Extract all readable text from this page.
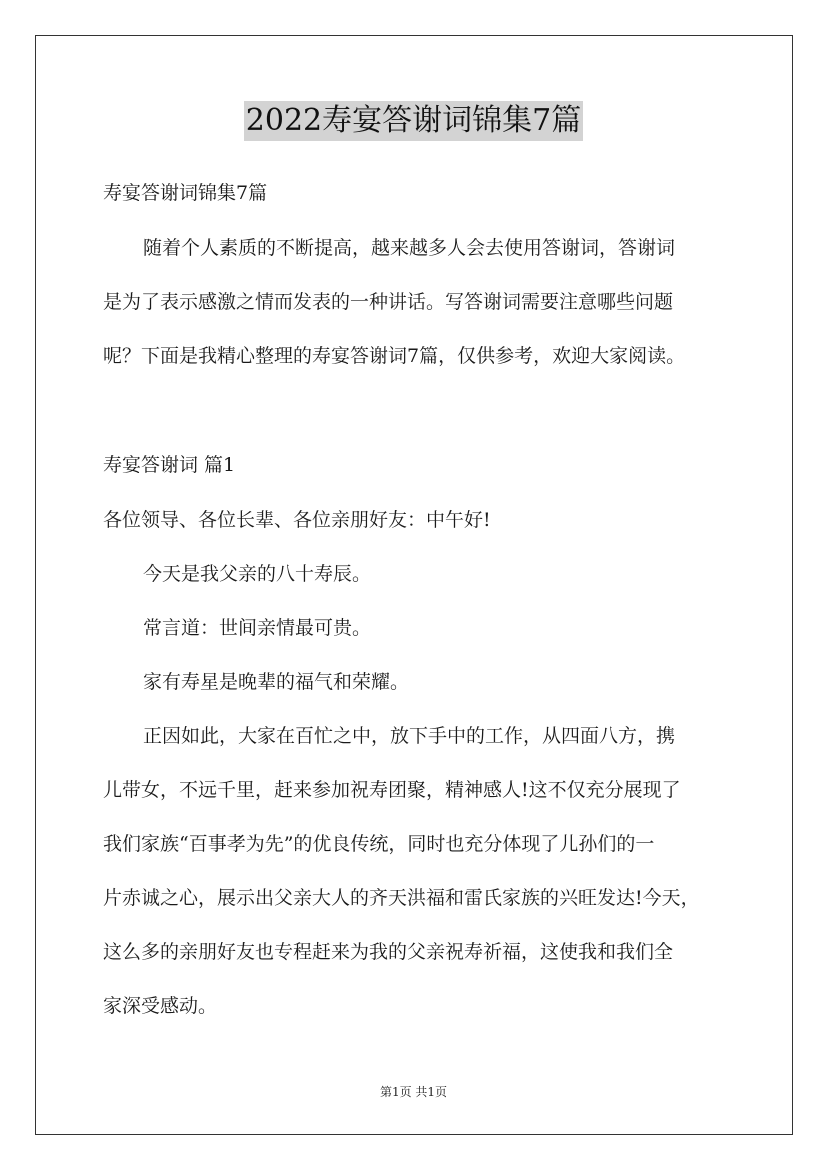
2022寿宴答谢词锦集7篇
寿宴答谢词锦集7篇
随着个人素质的不断提高，越来越多人会去使用答谢词，答谢词
是为了表示感激之情而发表的一种讲话。写答谢词需要注意哪些问题
呢？下面是我精心整理的寿宴答谢词7篇，仅供参考，欢迎大家阅读。
寿宴答谢词 篇1
各位领导、各位长辈、各位亲朋好友：中午好!
今天是我父亲的八十寿辰。
常言道：世间亲情最可贵。
家有寿星是晚辈的福气和荣耀。
正因如此，大家在百忙之中，放下手中的工作，从四面八方，携
儿带女，不远千里，赶来参加祝寿团聚，精神感人!这不仅充分展现了
我们家族“百事孝为先”的优良传统，同时也充分体现了儿孙们的一
片赤诚之心，展示出父亲大人的齐天洪福和雷氏家族的兴旺发达!今天，
这么多的亲朋好友也专程赶来为我的父亲祝寿祈福，这使我和我们全
家深受感动。
第1页 共1页
